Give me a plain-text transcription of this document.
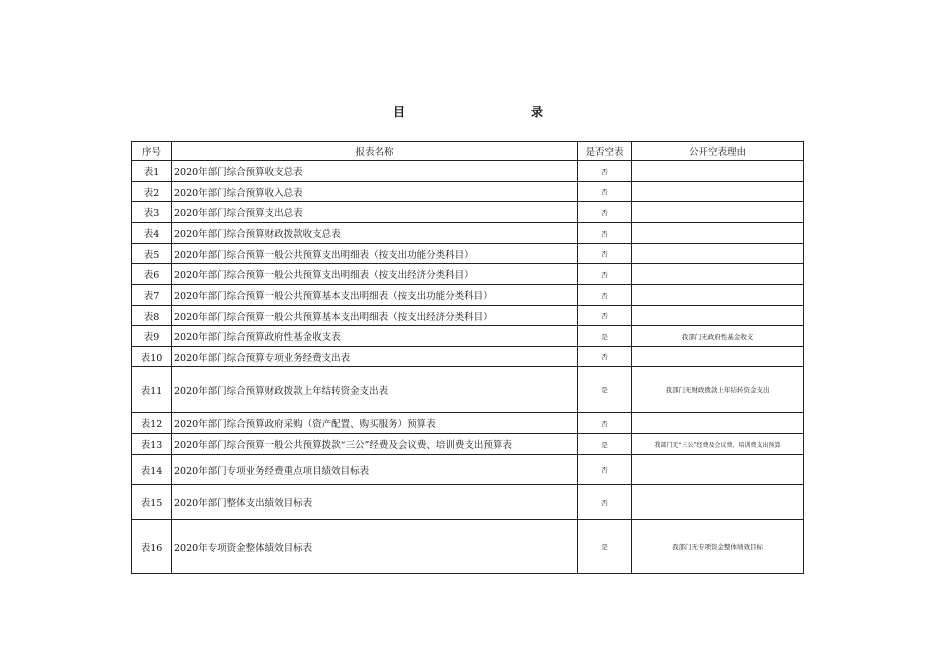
目	录
序号	报表名称	是否空表	公开空表理由
表1	2020年部门综合预算收支总表	否	
表2	2020年部门综合预算收入总表	否	
表3	2020年部门综合预算支出总表	否	
表4	2020年部门综合预算财政拨款收支总表	否	
表5	2020年部门综合预算一般公共预算支出明细表（按支出功能分类科目）	否	
表6	2020年部门综合预算一般公共预算支出明细表（按支出经济分类科目）	否	
表7	2020年部门综合预算一般公共预算基本支出明细表（按支出功能分类科目）	否	
表8	2020年部门综合预算一般公共预算基本支出明细表（按支出经济分类科目）	否	
表9	2020年部门综合预算政府性基金收支表	是	我部门无政府性基金收支
表10	2020年部门综合预算专项业务经费支出表	否	
表11	2020年部门综合预算财政拨款上年结转资金支出表	是	我部门无财政拨款上年结转资金支出
表12	2020年部门综合预算政府采购（资产配置、购买服务）预算表	否	
表13	2020年部门综合预算一般公共预算拨款“三公”经费及会议费、培训费支出预算表	是	我部门无“三公”经费及会议费、培训费支出预算
表14	2020年部门专项业务经费重点项目绩效目标表	否	
表15	2020年部门整体支出绩效目标表	否	
表16	2020年专项资金整体绩效目标表	是	我部门无专项资金整体绩效目标
